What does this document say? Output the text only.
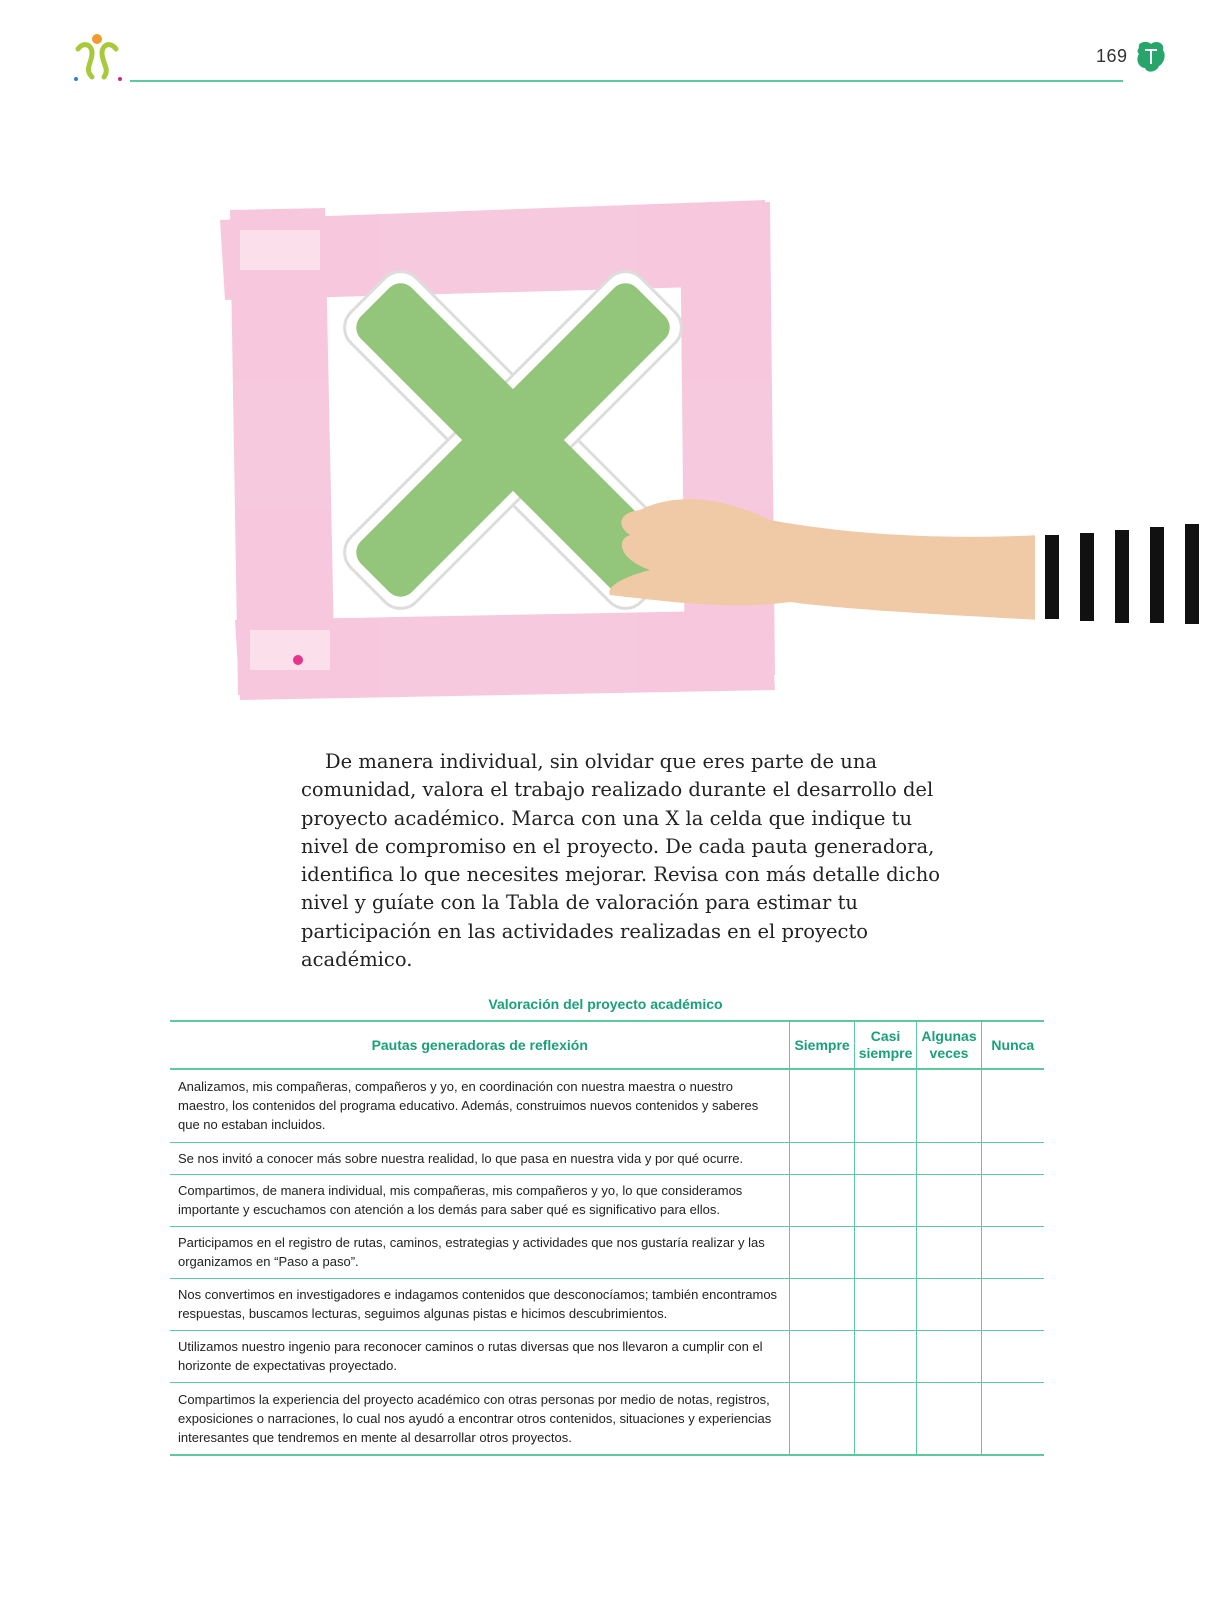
169

De manera individual, sin olvidar que eres parte de una comunidad, valora el trabajo realizado durante el desarrollo del proyecto académico. Marca con una X la celda que indique tu nivel de compromiso en el proyecto. De cada pauta generadora, identifica lo que necesites mejorar. Revisa con más detalle dicho nivel y guíate con la Tabla de valoración para estimar tu participación en las actividades realizadas en el proyecto académico.

Valoración del proyecto académico
Pautas generadoras de reflexión	Siempre	Casi siempre	Algunas veces	Nunca
Analizamos, mis compañeras, compañeros y yo, en coordinación con nuestra maestra o nuestro maestro, los contenidos del programa educativo. Además, construimos nuevos contenidos y saberes que no estaban incluidos.				
Se nos invitó a conocer más sobre nuestra realidad, lo que pasa en nuestra vida y por qué ocurre.				
Compartimos, de manera individual, mis compañeras, mis compañeros y yo, lo que consideramos importante y escuchamos con atención a los demás para saber qué es significativo para ellos.				
Participamos en el registro de rutas, caminos, estrategias y actividades que nos gustaría realizar y las organizamos en “Paso a paso”.				
Nos convertimos en investigadores e indagamos contenidos que desconocíamos; también encontramos respuestas, buscamos lecturas, seguimos algunas pistas e hicimos descubrimientos.				
Utilizamos nuestro ingenio para reconocer caminos o rutas diversas que nos llevaron a cumplir con el horizonte de expectativas proyectado.				
Compartimos la experiencia del proyecto académico con otras personas por medio de notas, registros, exposiciones o narraciones, lo cual nos ayudó a encontrar otros contenidos, situaciones y experiencias interesantes que tendremos en mente al desarrollar otros proyectos.				
